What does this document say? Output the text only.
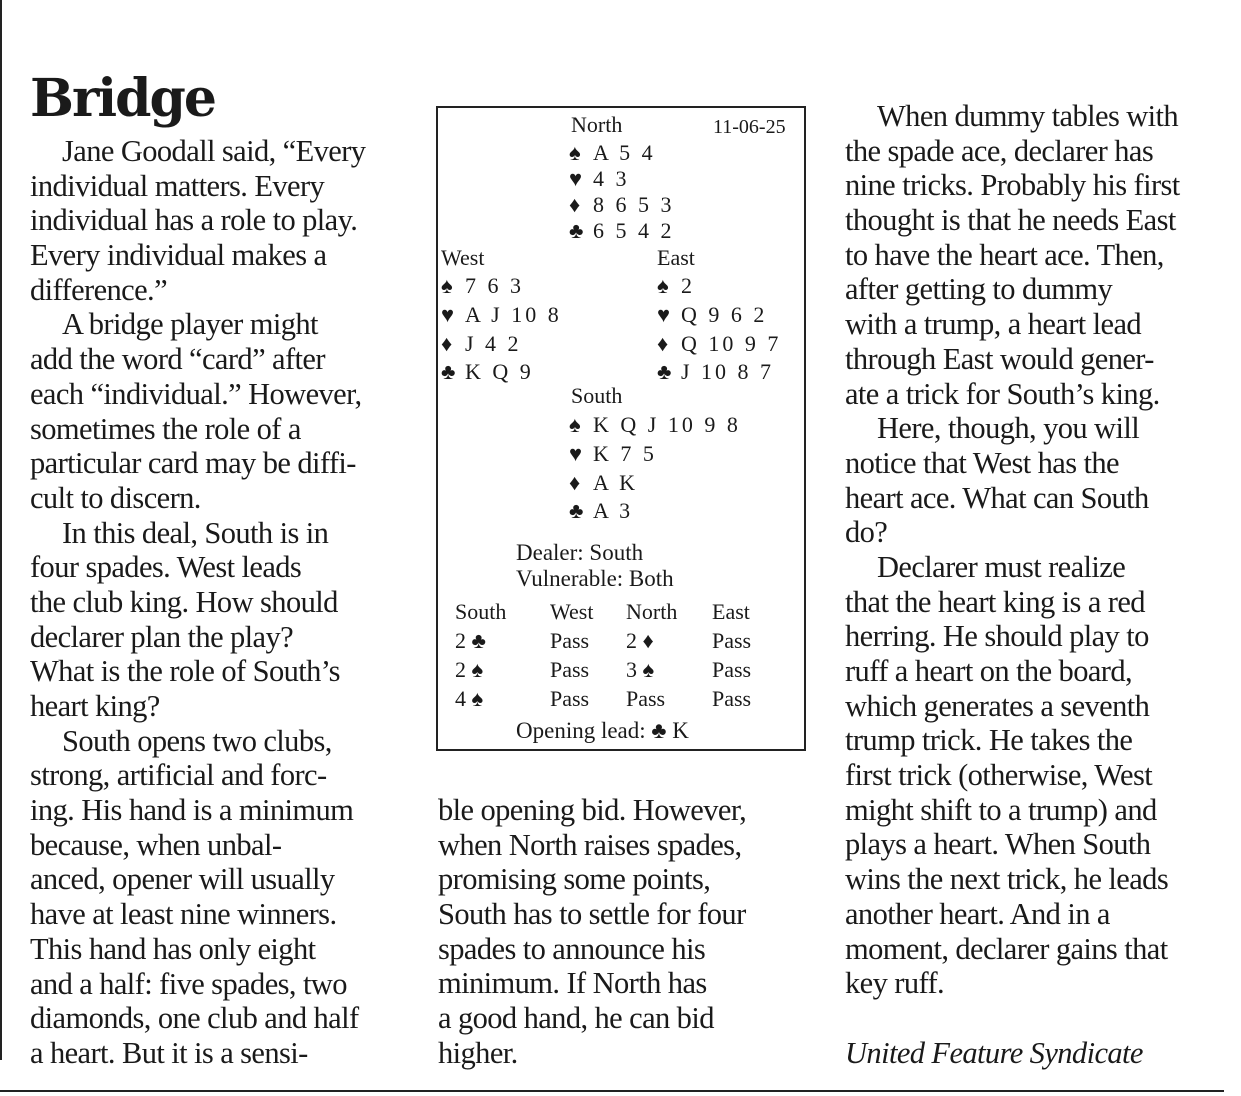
Bridge
Jane Goodall said, “Every
individual matters. Every
individual has a role to play.
Every individual makes a
difference.”
A bridge player might
add the word “card” after
each “individual.” However,
sometimes the role of a
particular card may be diffi-
cult to discern.
In this deal, South is in
four spades. West leads
the club king. How should
declarer plan the play?
What is the role of South’s
heart king?
South opens two clubs,
strong, artificial and forc-
ing. His hand is a minimum
because, when unbal-
anced, opener will usually
have at least nine winners.
This hand has only eight
and a half: five spades, two
diamonds, one club and half
a heart. But it is a sensi-
North	11-06-25
♠ A 5 4
♥ 4 3
♦ 8 6 5 3
♣ 6 5 4 2
West
♠ 7 6 3
♥ A J 10 8
♦ J 4 2
♣ K Q 9
East
♠ 2
♥ Q 9 6 2
♦ Q 10 9 7
♣ J 10 8 7
South
♠ K Q J 10 9 8
♥ K 7 5
♦ A K
♣ A 3
Dealer: South
Vulnerable: Both
South West North East
2 ♣	Pass 2 ♦	Pass
2 ♠	Pass 3 ♠	Pass
4 ♠	Pass Pass Pass
Opening lead: ♣ K
ble opening bid. However,
when North raises spades,
promising some points,
South has to settle for four
spades to announce his
minimum. If North has
a good hand, he can bid
higher.
When dummy tables with
the spade ace, declarer has
nine tricks. Probably his first
thought is that he needs East
to have the heart ace. Then,
after getting to dummy
with a trump, a heart lead
through East would gener-
ate a trick for South’s king.
Here, though, you will
notice that West has the
heart ace. What can South
do?
Declarer must realize
that the heart king is a red
herring. He should play to
ruff a heart on the board,
which generates a seventh
trump trick. He takes the
first trick (otherwise, West
might shift to a trump) and
plays a heart. When South
wins the next trick, he leads
another heart. And in a
moment, declarer gains that
key ruff.
United Feature Syndicate
